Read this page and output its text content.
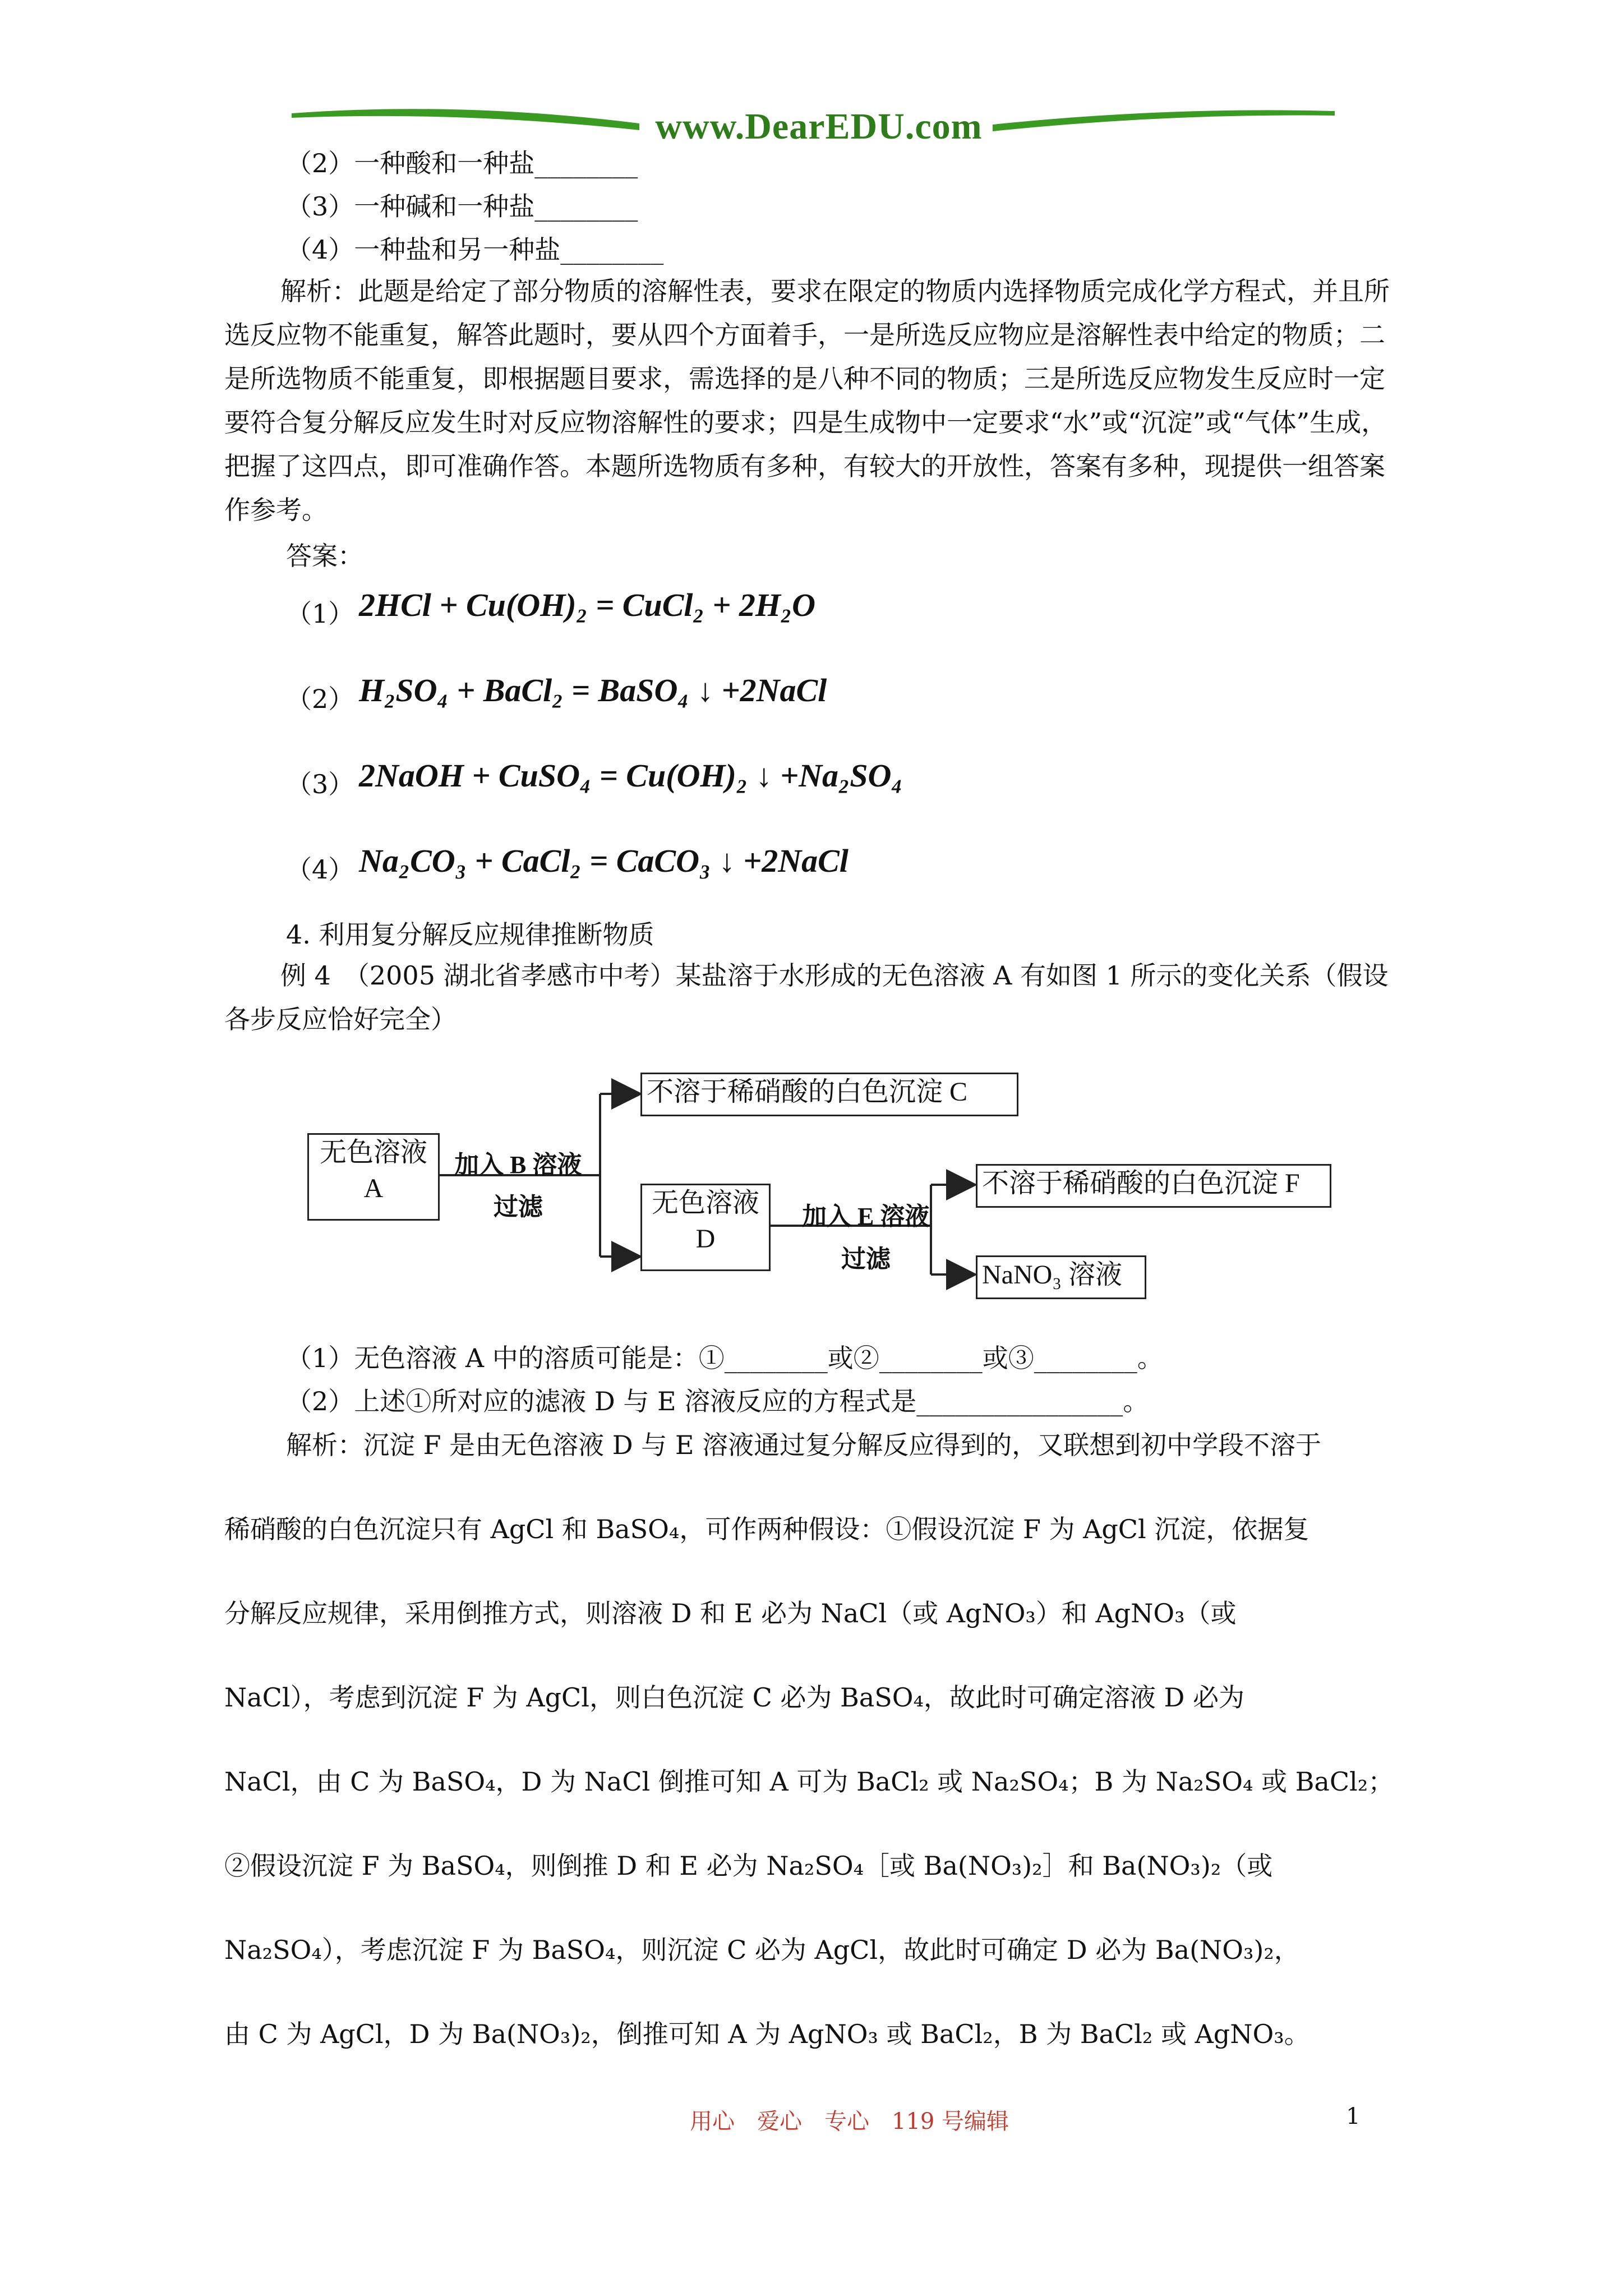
www.DearEDU.com
（2）一种酸和一种盐________
（3）一种碱和一种盐________
（4）一种盐和另一种盐________
解析：此题是给定了部分物质的溶解性表，要求在限定的物质内选择物质完成化学方程式，并且所选反应物不能重复，解答此题时，要从四个方面着手，一是所选反应物应是溶解性表中给定的物质；二是所选物质不能重复，即根据题目要求，需选择的是八种不同的物质；三是所选反应物发生反应时一定要符合复分解反应发生时对反应物溶解性的要求；四是生成物中一定要求“水”或“沉淀”或“气体”生成，把握了这四点，即可准确作答。本题所选物质有多种，有较大的开放性，答案有多种，现提供一组答案作参考。
答案：
（1） 2HCl + Cu(OH)₂ = CuCl₂ + 2H₂O
（2） H₂SO₄ + BaCl₂ = BaSO₄ ↓ +2NaCl
（3） 2NaOH + CuSO₄ = Cu(OH)₂ ↓ +Na₂SO₄
（4） Na₂CO₃ + CaCl₂ = CaCO₃ ↓ +2NaCl
4. 利用复分解反应规律推断物质
例 4　（2005 湖北省孝感市中考）某盐溶于水形成的无色溶液 A 有如图 1 所示的变化关系（假设各步反应恰好完全）
无色溶液
A
加入 B 溶液
过滤
不溶于稀硝酸的白色沉淀 C
无色溶液
D
加入 E 溶液
过滤
不溶于稀硝酸的白色沉淀 F
NaNO₃ 溶液
（1）无色溶液 A 中的溶质可能是：①________或②________或③________。
（2）上述①所对应的滤液 D 与 E 溶液反应的方程式是________________。
解析：沉淀 F 是由无色溶液 D 与 E 溶液通过复分解反应得到的，又联想到初中学段不溶于
稀硝酸的白色沉淀只有 AgCl 和 BaSO₄，可作两种假设：①假设沉淀 F 为 AgCl 沉淀，依据复
分解反应规律，采用倒推方式，则溶液 D 和 E 必为 NaCl（或 AgNO₃）和 AgNO₃（或
NaCl），考虑到沉淀 F 为 AgCl，则白色沉淀 C 必为 BaSO₄，故此时可确定溶液 D 必为
NaCl，由 C 为 BaSO₄，D 为 NaCl 倒推可知 A 可为 BaCl₂ 或 Na₂SO₄；B 为 Na₂SO₄ 或 BaCl₂；
②假设沉淀 F 为 BaSO₄，则倒推 D 和 E 必为 Na₂SO₄［或 Ba(NO₃)₂］和 Ba(NO₃)₂（或
Na₂SO₄），考虑沉淀 F 为 BaSO₄，则沉淀 C 必为 AgCl，故此时可确定 D 必为 Ba(NO₃)₂，
由 C 为 AgCl，D 为 Ba(NO₃)₂，倒推可知 A 为 AgNO₃ 或 BaCl₂，B 为 BaCl₂ 或 AgNO₃。
用心　爱心　专心　119 号编辑	1
